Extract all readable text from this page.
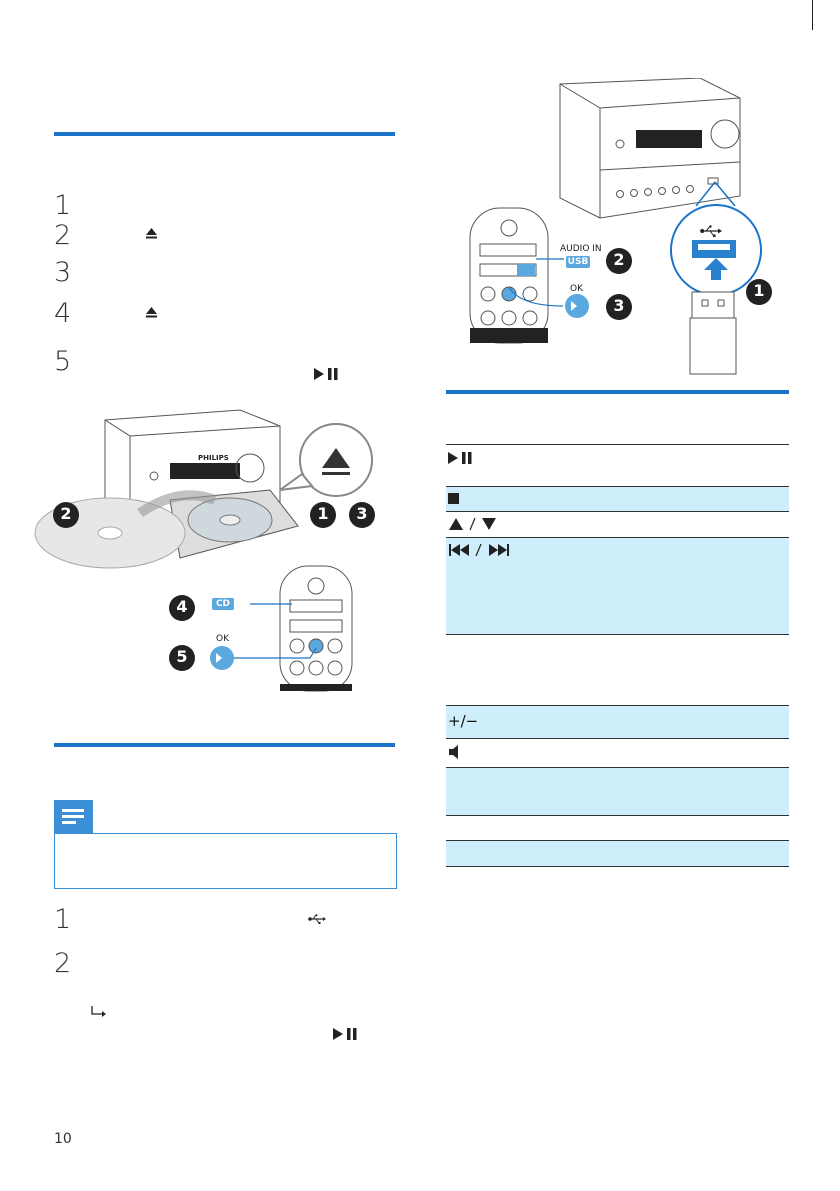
1
2
3
4
5
PHILIPS
CD
OK
2	1	3
4
5
1
2
10
AUDIO IN
USB
OK
2
3
1
+/−
